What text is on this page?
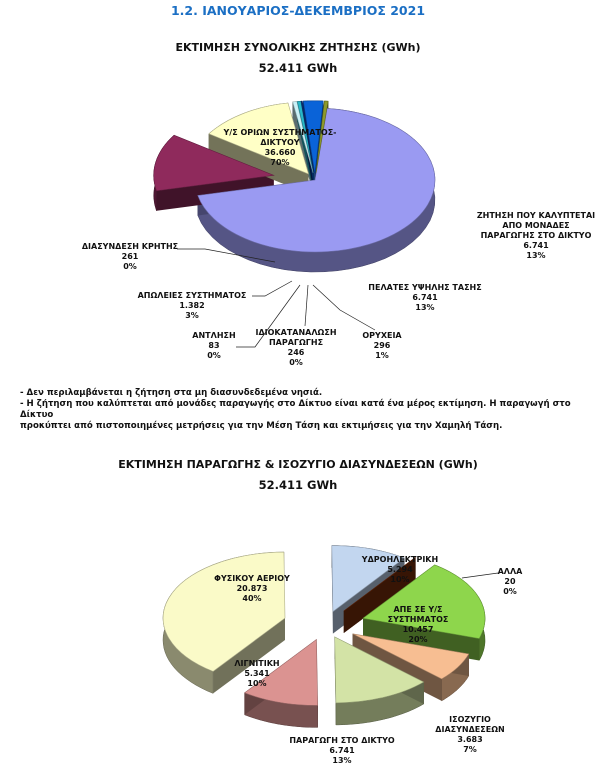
1.2. ΙΑΝΟΥΑΡΙΟΣ-ΔΕΚΕΜΒΡΙΟΣ 2021
ΕΚΤΙΜΗΣΗ ΣΥΝΟΛΙΚΗΣ ΖΗΤΗΣΗΣ (GWh)
52.411 GWh
- Δεν περιλαμβάνεται η ζήτηση στα μη διασυνδεδεμένα νησιά.
- Η ζήτηση που καλύπτεται από μονάδες παραγωγής στο Δίκτυο είναι κατά ένα μέρος εκτίμηση. Η παραγωγή στο Δίκτυο
προκύπτει από πιστοποιημένες μετρήσεις για την Μέση Τάση και εκτιμήσεις για την Χαμηλή Τάση.
ΕΚΤΙΜΗΣΗ ΠΑΡΑΓΩΓΗΣ & ΙΣΟΖΥΓΙΟ ΔΙΑΣΥΝΔΕΣΕΩΝ (GWh)
52.411 GWh
Υ/Σ ΟΡΙΩΝ ΣΥΣΤΗΜΑΤΟΣ-ΔΙΚΤΥΟΥ 36.660 70%
ΖΗΤΗΣΗ ΠΟΥ ΚΑΛΥΠΤΕΤΑΙ ΑΠΟ ΜΟΝΑΔΕΣ ΠΑΡΑΓΩΓΗΣ ΣΤΟ ΔΙΚΤΥΟ 6.741 13%
ΠΕΛΑΤΕΣ ΥΨΗΛΗΣ ΤΑΣΗΣ 6.741 13%
ΟΡΥΧΕΙΑ 296 1%
ΙΔΙΟΚΑΤΑΝΑΛΩΣΗ ΠΑΡΑΓΩΓΗΣ 246 0%
ΑΝΤΛΗΣΗ 83 0%
ΑΠΩΛΕΙΕΣ ΣΥΣΤΗΜΑΤΟΣ 1.382 3%
ΔΙΑΣΥΝΔΕΣΗ ΚΡΗΤΗΣ 261 0%
ΥΔΡΟΗΛΕΚΤΡΙΚΗ 5.294 10%
ΑΛΛΑ 20 0%
ΑΠΕ ΣΕ Υ/Σ ΣΥΣΤΗΜΑΤΟΣ 10.457 20%
ΙΣΟΖΥΓΙΟ ΔΙΑΣΥΝΔΕΣΕΩΝ 3.683 7%
ΠΑΡΑΓΩΓΗ ΣΤΟ ΔΙΚΤΥΟ 6.741 13%
ΛΙΓΝΙΤΙΚΗ 5.341 10%
ΦΥΣΙΚΟΥ ΑΕΡΙΟΥ 20.873 40%
